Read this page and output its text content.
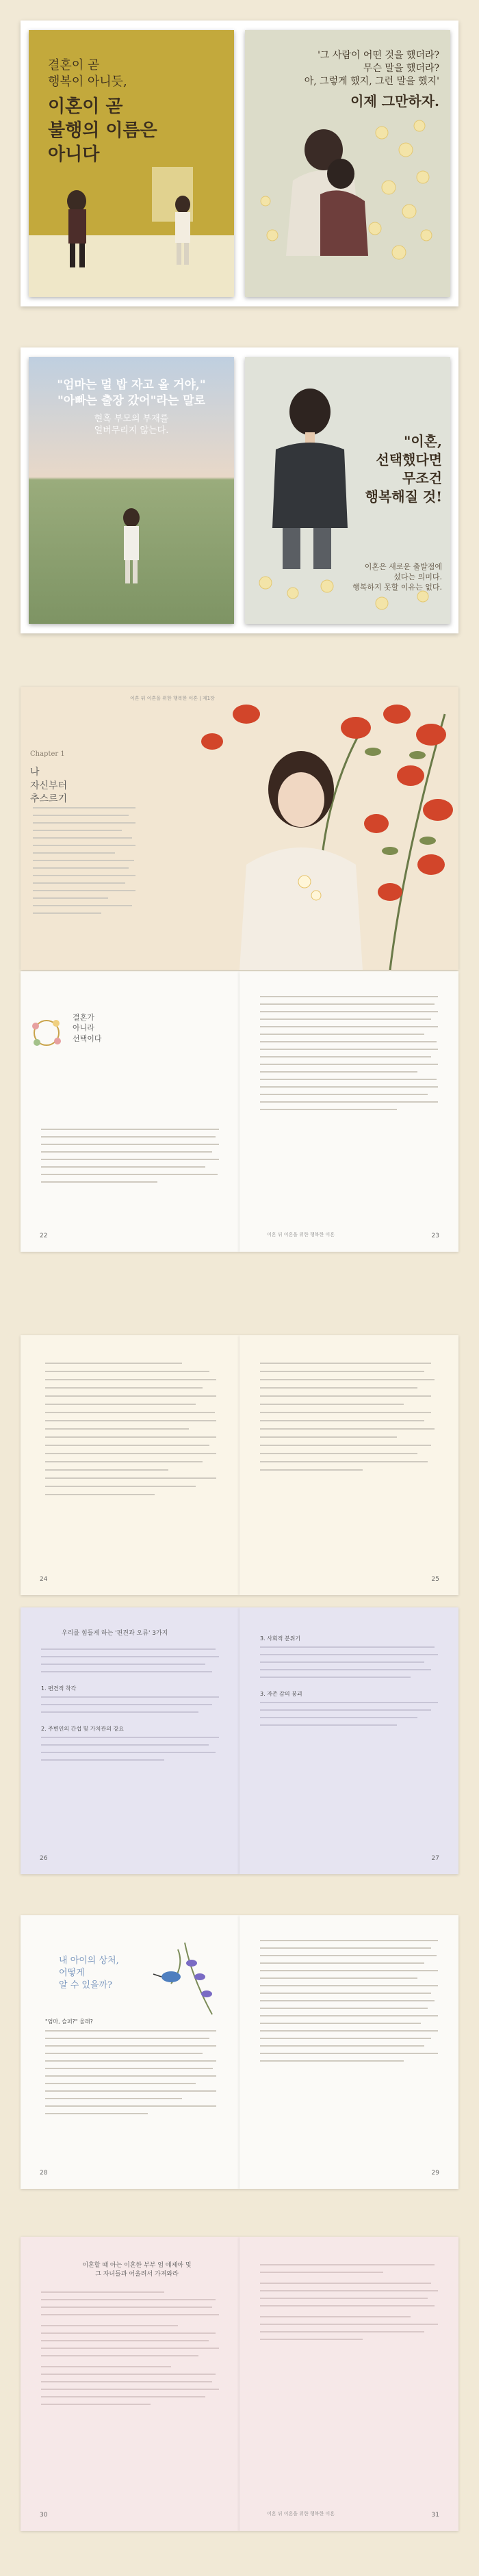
결혼이 곧
행복이 아니듯,
이혼이 곧
불행의 이름은
아니다
'그 사람이 어떤 것을 했더라?
무슨 말을 했더라?
아, 그렇게 했지, 그런 말을 했지'
이제 그만하자.
"엄마는 멀 밥 자고 올 거야,"
"아빠는 출장 갔어"라는 말로
현혹 부모의 부재를
얼버무리지 않는다.
"이혼,
선택했다면
무조건
행복해질 것!
이혼은 새로운 출발점에
섰다는 의미다.
행복하지 못할 이유는 없다.
이혼 뒤 이혼을 위한 행복한 이혼 | 제1장
Chapter 1
나
자신부터
추스르기
결혼가
아니라
선택이다
22	이혼 뒤 이혼을 위한 행복한 이혼	23
24	25
우리를 힘들게 하는 '편견과 오류' 3가지
1. 편견적 착각
2. 주변인의 간섭 및 가치관의 강요
26
3. 사회적 분위기
3. 자존 감의 붕괴
27
내 아이의 상처,
어떻게
알 수 있을까?
"엄마, 슬퍼?" 울래?
28	29
이혼할 때 아는 이혼한 부부 엄 얘제아 및
그 자녀들과 어울려서 가져와라
30	이혼 뒤 이혼을 위한 행복한 이혼	31
